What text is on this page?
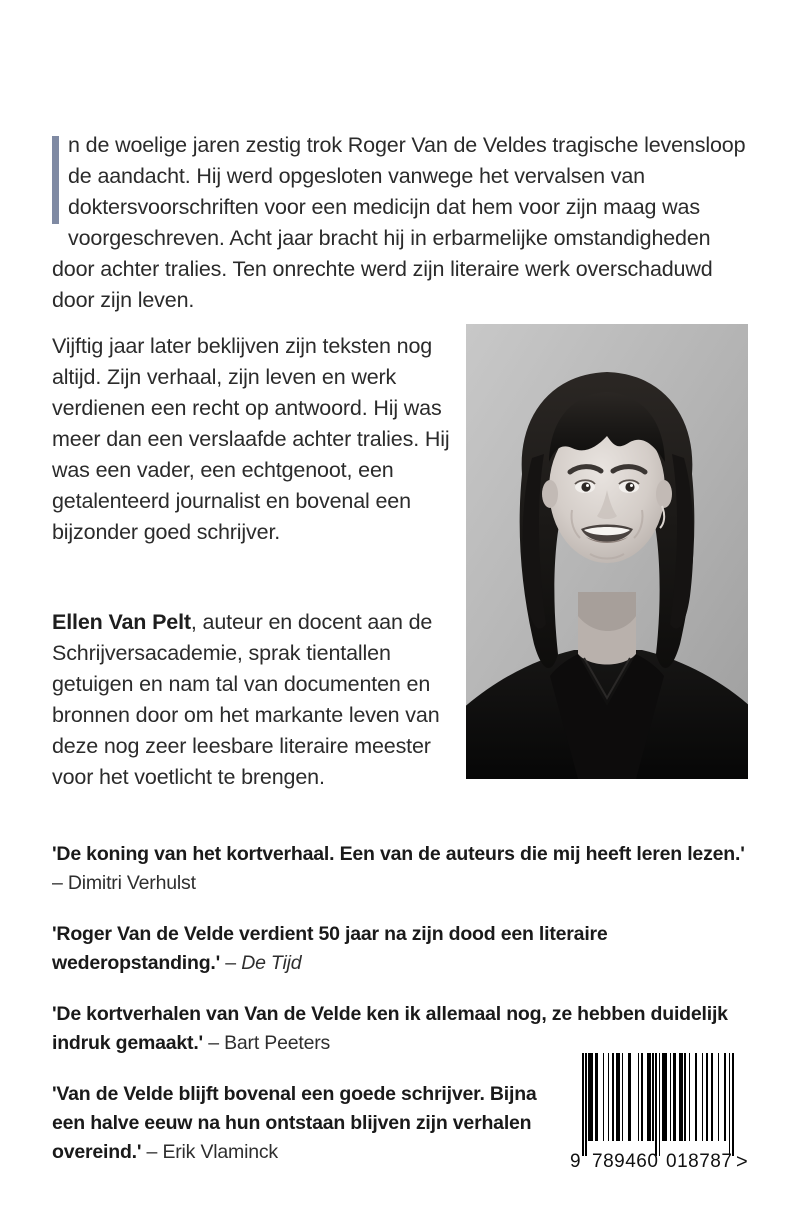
n de woelige jaren zestig trok Roger Van de Veldes tragische levensloop de aandacht. Hij werd opgesloten vanwege het vervalsen van doktersvoorschriften voor een medicijn dat hem voor zijn maag was voorgeschreven. Acht jaar bracht hij in erbarmelijke omstandigheden door achter tralies. Ten onrechte werd zijn literaire werk overschaduwd door zijn leven.

Vijftig jaar later beklijven zijn teksten nog altijd. Zijn verhaal, zijn leven en werk verdienen een recht op antwoord. Hij was meer dan een verslaafde achter tralies. Hij was een vader, een echtgenoot, een getalenteerd journalist en bovenal een bijzonder goed schrijver.

Ellen Van Pelt, auteur en docent aan de Schrijversacademie, sprak tientallen getuigen en nam tal van documenten en bronnen door om het markante leven van deze nog zeer leesbare literaire meester voor het voetlicht te brengen.

'De koning van het kortverhaal. Een van de auteurs die mij heeft leren lezen.' – Dimitri Verhulst

'Roger Van de Velde verdient 50 jaar na zijn dood een literaire wederopstanding.' – De Tijd

'De kortverhalen van Van de Velde ken ik allemaal nog, ze hebben duidelijk indruk gemaakt.' – Bart Peeters

'Van de Velde blijft bovenal een goede schrijver. Bijna een halve eeuw na hun ontstaan blijven zijn verhalen overeind.' – Erik Vlaminck	9 789460 018787 >
